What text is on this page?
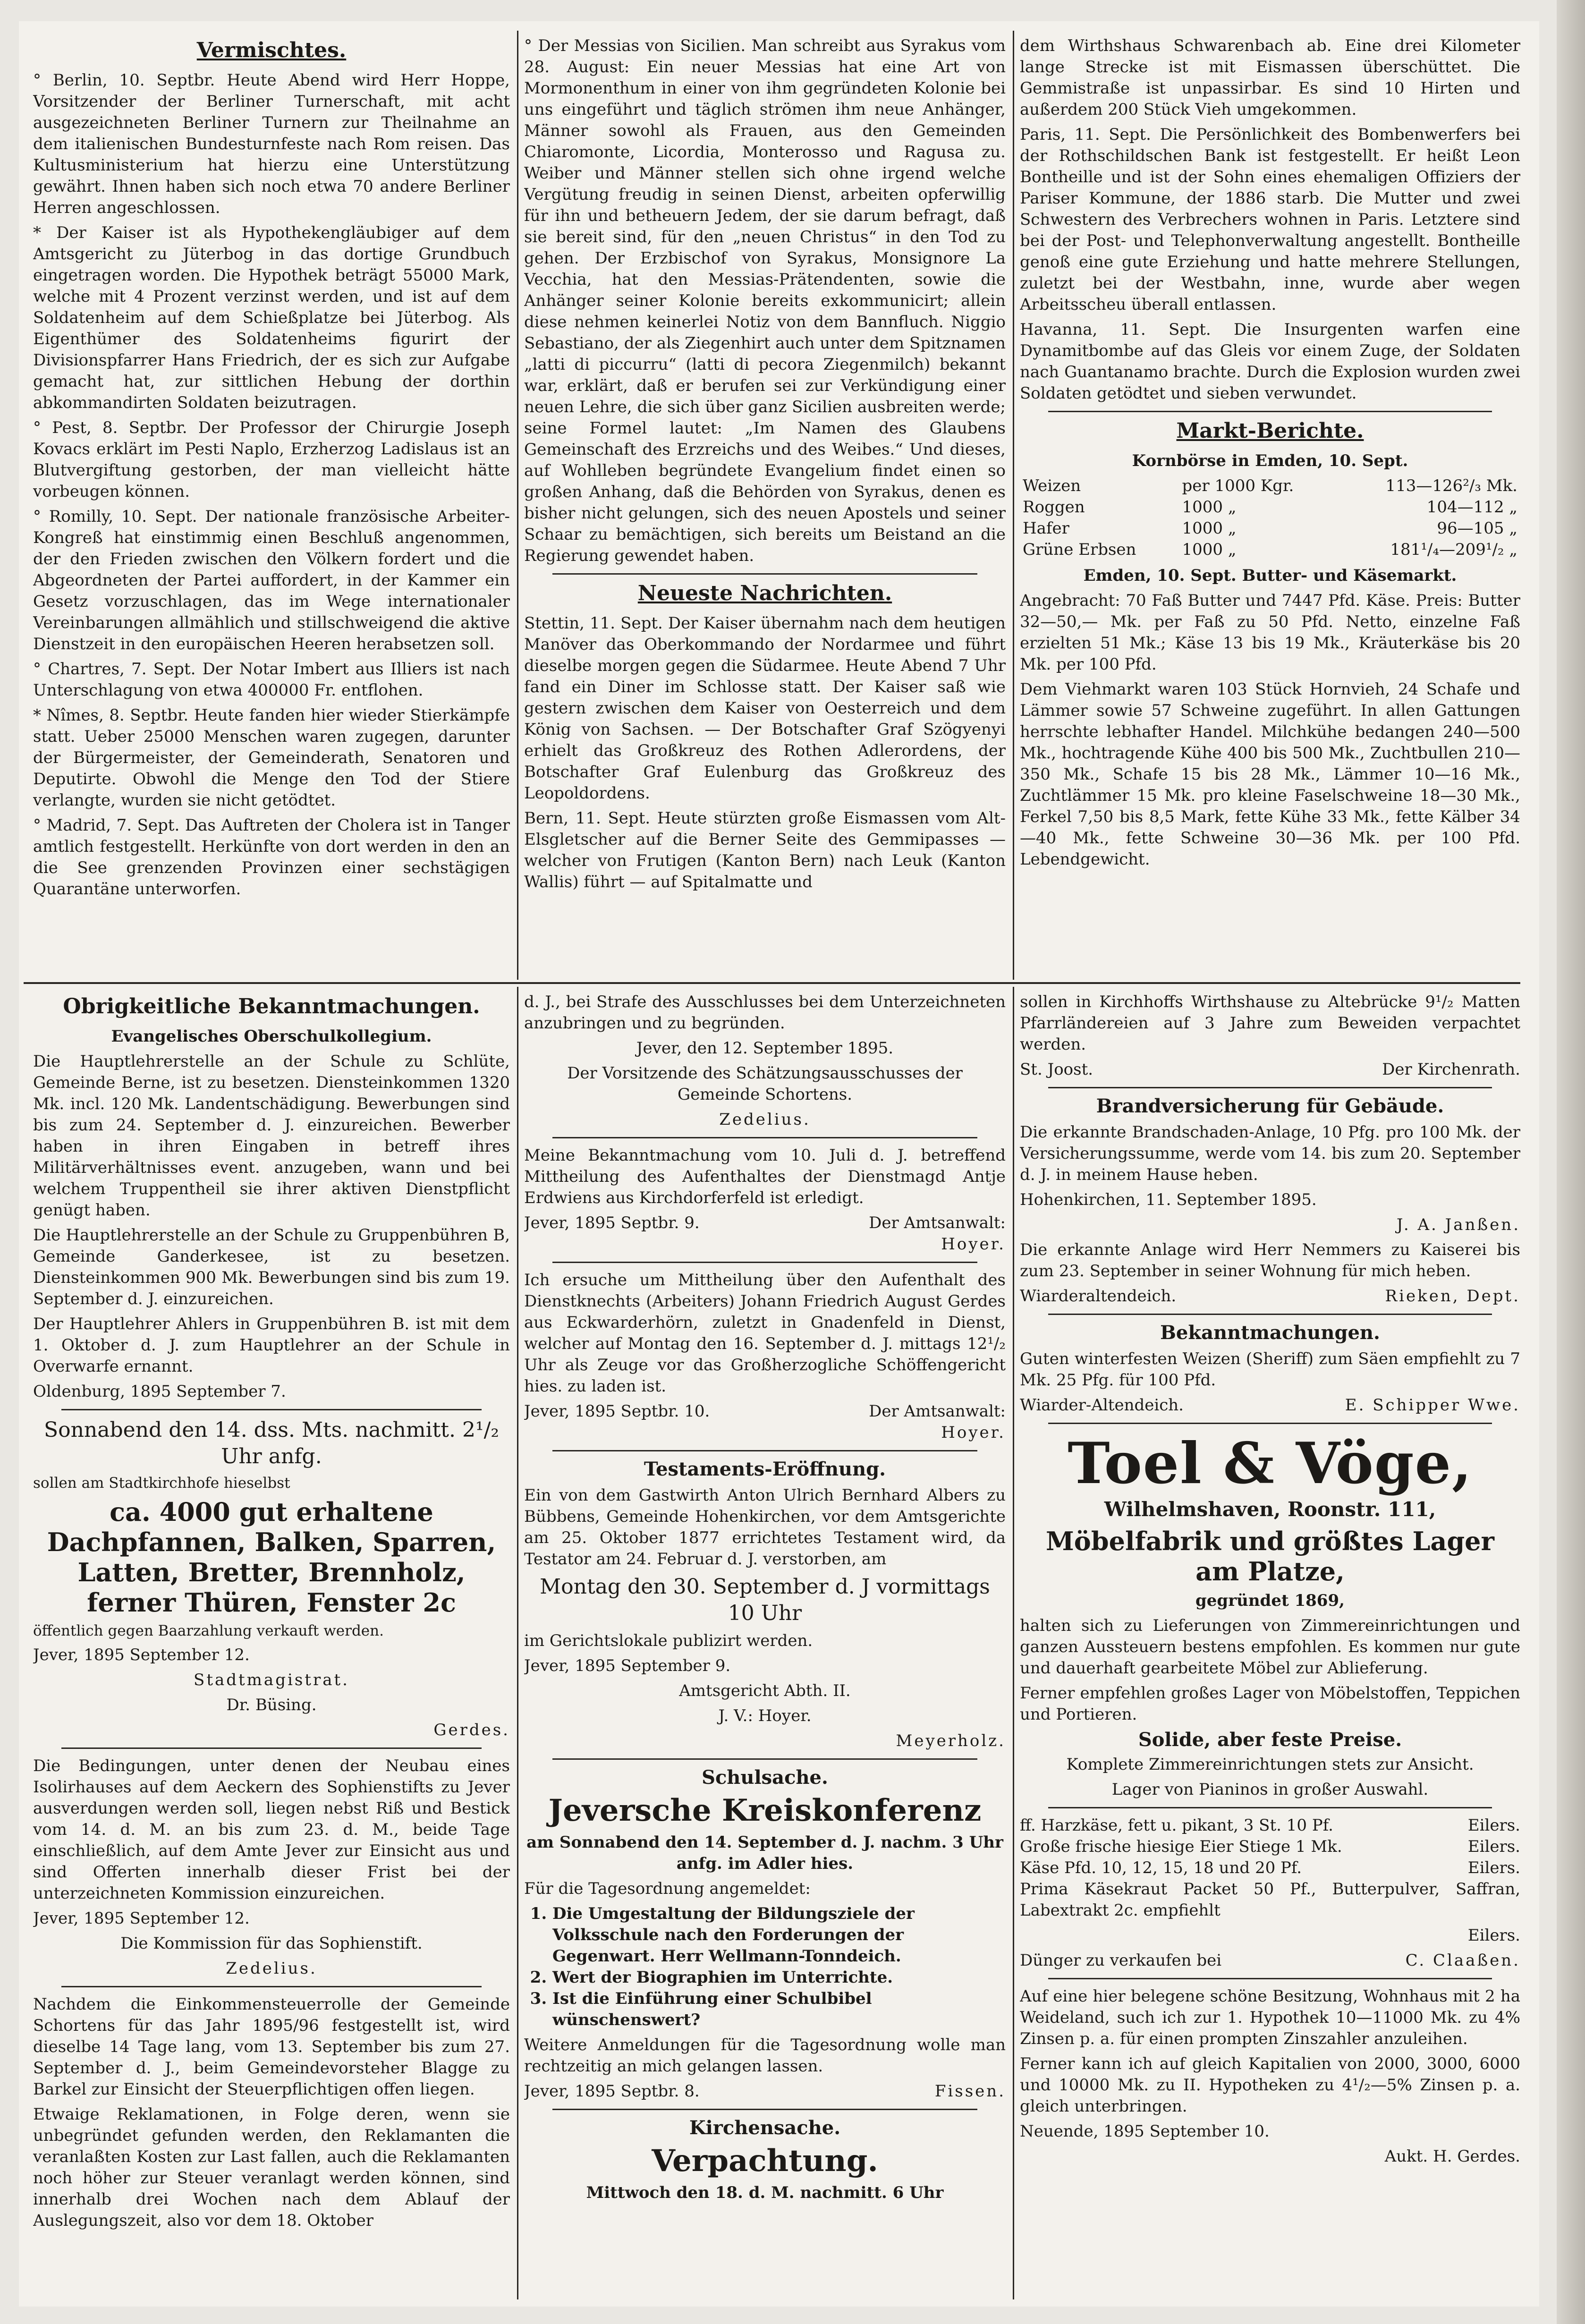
Vermischtes.

° Berlin, 10. Septbr. Heute Abend wird Herr Hoppe, Vorsitzender der Berliner Turnerschaft, mit acht ausgezeichneten Berliner Turnern zur Theilnahme an dem italienischen Bundesturnfeste nach Rom reisen. Das Kultusministerium hat hierzu eine Unterstützung gewährt. Ihnen haben sich noch etwa 70 andere Berliner Herren angeschlossen.

* Der Kaiser ist als Hypothekengläubiger auf dem Amtsgericht zu Jüterbog in das dortige Grundbuch eingetragen worden. Die Hypothek beträgt 55000 Mark, welche mit 4 Prozent verzinst werden, und ist auf dem Soldatenheim auf dem Schießplatze bei Jüterbog. Als Eigenthümer des Soldatenheims figurirt der Divisionspfarrer Hans Friedrich, der es sich zur Aufgabe gemacht hat, zur sittlichen Hebung der dorthin abkommandirten Soldaten beizutragen.

° Pest, 8. Septbr. Der Professor der Chirurgie Joseph Kovacs erklärt im Pesti Naplo, Erzherzog Ladislaus ist an Blutvergiftung gestorben, der man vielleicht hätte vorbeugen können.

° Romilly, 10. Sept. Der nationale französische Arbeiter-Kongreß hat einstimmig einen Beschluß angenommen, der den Frieden zwischen den Völkern fordert und die Abgeordneten der Partei auffordert, in der Kammer ein Gesetz vorzuschlagen, das im Wege internationaler Vereinbarungen allmählich und stillschweigend die aktive Dienstzeit in den europäischen Heeren herabsetzen soll.

° Chartres, 7. Sept. Der Notar Imbert aus Illiers ist nach Unterschlagung von etwa 400000 Fr. entflohen.

* Nîmes, 8. Septbr. Heute fanden hier wieder Stierkämpfe statt. Ueber 25000 Menschen waren zugegen, darunter der Bürgermeister, der Gemeinderath, Senatoren und Deputirte. Obwohl die Menge den Tod der Stiere verlangte, wurden sie nicht getödtet.

° Madrid, 7. Sept. Das Auftreten der Cholera ist in Tanger amtlich festgestellt. Herkünfte von dort werden in den an die See grenzenden Provinzen einer sechstägigen Quarantäne unterworfen.

° Der Messias von Sicilien. Man schreibt aus Syrakus vom 28. August: Ein neuer Messias hat eine Art von Mormonenthum in einer von ihm gegründeten Kolonie bei uns eingeführt und täglich strömen ihm neue Anhänger, Männer sowohl als Frauen, aus den Gemeinden Chiaromonte, Licordia, Monterosso und Ragusa zu. Weiber und Männer stellen sich ohne irgend welche Vergütung freudig in seinen Dienst, arbeiten opferwillig für ihn und betheuern Jedem, der sie darum befragt, daß sie bereit sind, für den „neuen Christus“ in den Tod zu gehen. Der Erzbischof von Syrakus, Monsignore La Vecchia, hat den Messias-Prätendenten, sowie die Anhänger seiner Kolonie bereits exkommunicirt; allein diese nehmen keinerlei Notiz von dem Bannfluch. Niggio Sebastiano, der als Ziegenhirt auch unter dem Spitznamen „latti di piccurru“ (latti di pecora Ziegenmilch) bekannt war, erklärt, daß er berufen sei zur Verkündigung einer neuen Lehre, die sich über ganz Sicilien ausbreiten werde; seine Formel lautet: „Im Namen des Glaubens Gemeinschaft des Erzreichs und des Weibes.“ Und dieses, auf Wohlleben begründete Evangelium findet einen so großen Anhang, daß die Behörden von Syrakus, denen es bisher nicht gelungen, sich des neuen Apostels und seiner Schaar zu bemächtigen, sich bereits um Beistand an die Regierung gewendet haben.

Neueste Nachrichten.

Stettin, 11. Sept. Der Kaiser übernahm nach dem heutigen Manöver das Oberkommando der Nordarmee und führt dieselbe morgen gegen die Südarmee. Heute Abend 7 Uhr fand ein Diner im Schlosse statt. Der Kaiser saß wie gestern zwischen dem Kaiser von Oesterreich und dem König von Sachsen. — Der Botschafter Graf Szögyenyi erhielt das Großkreuz des Rothen Adlerordens, der Botschafter Graf Eulenburg das Großkreuz des Leopoldordens.

Bern, 11. Sept. Heute stürzten große Eismassen vom Alt-Elsgletscher auf die Berner Seite des Gemmipasses — welcher von Frutigen (Kanton Bern) nach Leuk (Kanton Wallis) führt — auf Spitalmatte und

dem Wirthshaus Schwarenbach ab. Eine drei Kilometer lange Strecke ist mit Eismassen überschüttet. Die Gemmistraße ist unpassirbar. Es sind 10 Hirten und außerdem 200 Stück Vieh umgekommen.

Paris, 11. Sept. Die Persönlichkeit des Bombenwerfers bei der Rothschildschen Bank ist festgestellt. Er heißt Leon Bontheille und ist der Sohn eines ehemaligen Offiziers der Pariser Kommune, der 1886 starb. Die Mutter und zwei Schwestern des Verbrechers wohnen in Paris. Letztere sind bei der Post- und Telephonverwaltung angestellt. Bontheille genoß eine gute Erziehung und hatte mehrere Stellungen, zuletzt bei der Westbahn, inne, wurde aber wegen Arbeitsscheu überall entlassen.

Havanna, 11. Sept. Die Insurgenten warfen eine Dynamitbombe auf das Gleis vor einem Zuge, der Soldaten nach Guantanamo brachte. Durch die Explosion wurden zwei Soldaten getödtet und sieben verwundet.

Markt-Berichte.

Kornbörse in Emden, 10. Sept.

Weizen	per 1000 Kgr.	113—126²/₃ Mk.
Roggen	1000 „	104—112 „
Hafer	1000 „	96—105 „
Grüne Erbsen	1000 „	181¹/₄—209¹/₂ „

Emden, 10. Sept. Butter- und Käsemarkt.

Angebracht: 70 Faß Butter und 7447 Pfd. Käse. Preis: Butter 32—50,— Mk. per Faß zu 50 Pfd. Netto, einzelne Faß erzielten 51 Mk.; Käse 13 bis 19 Mk., Kräuterkäse bis 20 Mk. per 100 Pfd.

Dem Viehmarkt waren 103 Stück Hornvieh, 24 Schafe und Lämmer sowie 57 Schweine zugeführt. In allen Gattungen herrschte lebhafter Handel. Milchkühe bedangen 240—500 Mk., hochtragende Kühe 400 bis 500 Mk., Zuchtbullen 210—350 Mk., Schafe 15 bis 28 Mk., Lämmer 10—16 Mk., Zuchtlämmer 15 Mk. pro kleine Faselschweine 18—30 Mk., Ferkel 7,50 bis 8,5 Mark, fette Kühe 33 Mk., fette Kälber 34—40 Mk., fette Schweine 30—36 Mk. per 100 Pfd. Lebendgewicht.

Obrigkeitliche Bekanntmachungen.

Evangelisches Oberschulkollegium.

Die Hauptlehrerstelle an der Schule zu Schlüte, Gemeinde Berne, ist zu besetzen. Diensteinkommen 1320 Mk. incl. 120 Mk. Landentschädigung. Bewerbungen sind bis zum 24. September d. J. einzureichen. Bewerber haben in ihren Eingaben in betreff ihres Militärverhältnisses event. anzugeben, wann und bei welchem Truppentheil sie ihrer aktiven Dienstpflicht genügt haben.

Die Hauptlehrerstelle an der Schule zu Gruppenbühren B, Gemeinde Ganderkesee, ist zu besetzen. Diensteinkommen 900 Mk. Bewerbungen sind bis zum 19. September d. J. einzureichen.

Der Hauptlehrer Ahlers in Gruppenbühren B. ist mit dem 1. Oktober d. J. zum Hauptlehrer an der Schule in Overwarfe ernannt.

Oldenburg, 1895 September 7.

Sonnabend den 14. dss. Mts. nachmitt. 2¹/₂ Uhr anfg.

sollen am Stadtkirchhofe hieselbst

ca. 4000 gut erhaltene Dachpfannen, Balken, Sparren, Latten, Bretter, Brennholz, ferner Thüren, Fenster 2c

öffentlich gegen Baarzahlung verkauft werden.

Jever, 1895 September 12.

Stadtmagistrat.

Dr. Büsing.

Gerdes.

Die Bedingungen, unter denen der Neubau eines Isolirhauses auf dem Aeckern des Sophienstifts zu Jever ausverdungen werden soll, liegen nebst Riß und Bestick vom 14. d. M. an bis zum 23. d. M., beide Tage einschließlich, auf dem Amte Jever zur Einsicht aus und sind Offerten innerhalb dieser Frist bei der unterzeichneten Kommission einzureichen.

Jever, 1895 September 12.

Die Kommission für das Sophienstift.

Zedelius.

Nachdem die Einkommensteuerrolle der Gemeinde Schortens für das Jahr 1895/96 festgestellt ist, wird dieselbe 14 Tage lang, vom 13. September bis zum 27. September d. J., beim Gemeindevorsteher Blagge zu Barkel zur Einsicht der Steuerpflichtigen offen liegen.

Etwaige Reklamationen, in Folge deren, wenn sie unbegründet gefunden werden, den Reklamanten die veranlaßten Kosten zur Last fallen, auch die Reklamanten noch höher zur Steuer veranlagt werden können, sind innerhalb drei Wochen nach dem Ablauf der Auslegungszeit, also vor dem 18. Oktober

d. J., bei Strafe des Ausschlusses bei dem Unterzeichneten anzubringen und zu begründen.

Jever, den 12. September 1895.

Der Vorsitzende des Schätzungsausschusses der Gemeinde Schortens.

Zedelius.

Meine Bekanntmachung vom 10. Juli d. J. betreffend Mittheilung des Aufenthaltes der Dienstmagd Antje Erdwiens aus Kirchdorferfeld ist erledigt.

Jever, 1895 Septbr. 9.	Der Amtsanwalt:

Hoyer.

Ich ersuche um Mittheilung über den Aufenthalt des Dienstknechts (Arbeiters) Johann Friedrich August Gerdes aus Eckwarderhörn, zuletzt in Gnadenfeld in Dienst, welcher auf Montag den 16. September d. J. mittags 12¹/₂ Uhr als Zeuge vor das Großherzogliche Schöffengericht hies. zu laden ist.

Jever, 1895 Septbr. 10.	Der Amtsanwalt:

Hoyer.

Testaments-Eröffnung.

Ein von dem Gastwirth Anton Ulrich Bernhard Albers zu Bübbens, Gemeinde Hohenkirchen, vor dem Amtsgerichte am 25. Oktober 1877 errichtetes Testament wird, da Testator am 24. Februar d. J. verstorben, am

Montag den 30. September d. J vormittags 10 Uhr

im Gerichtslokale publizirt werden.

Jever, 1895 September 9.

Amtsgericht Abth. II.

J. V.: Hoyer.

Meyerholz.

Schulsache.

Jeversche Kreiskonferenz

am Sonnabend den 14. September d. J. nachm. 3 Uhr anfg. im Adler hies.

Für die Tagesordnung angemeldet:

1. Die Umgestaltung der Bildungsziele der Volksschule nach den Forderungen der Gegenwart. Herr Wellmann-Tonndeich.
2. Wert der Biographien im Unterrichte.
3. Ist die Einführung einer Schulbibel wünschenswert?

Weitere Anmeldungen für die Tagesordnung wolle man rechtzeitig an mich gelangen lassen.

Jever, 1895 Septbr. 8.	Fissen.
Kirchensache.

Verpachtung.

Mittwoch den 18. d. M. nachmitt. 6 Uhr

sollen in Kirchhoffs Wirthshause zu Altebrücke 9¹/₂ Matten Pfarrländereien auf 3 Jahre zum Beweiden verpachtet werden.

St. Joost.	Der Kirchenrath.
Brandversicherung für Gebäude.

Die erkannte Brandschaden-Anlage, 10 Pfg. pro 100 Mk. der Versicherungssumme, werde vom 14. bis zum 20. September d. J. in meinem Hause heben.

Hohenkirchen, 11. September 1895.

J. A. Janßen.

Die erkannte Anlage wird Herr Nemmers zu Kaiserei bis zum 23. September in seiner Wohnung für mich heben.

Wiarderaltendeich.	Rieken, Dept.
Bekanntmachungen.

Guten winterfesten Weizen (Sheriff) zum Säen empfiehlt zu 7 Mk. 25 Pfg. für 100 Pfd.

Wiarder-Altendeich.	E. Schipper Wwe.
Toel & Vöge,

Wilhelmshaven, Roonstr. 111,

Möbelfabrik und größtes Lager am Platze,

gegründet 1869,

halten sich zu Lieferungen von Zimmereinrichtungen und ganzen Aussteuern bestens empfohlen. Es kommen nur gute und dauerhaft gearbeitete Möbel zur Ablieferung.

Ferner empfehlen großes Lager von Möbelstoffen, Teppichen und Portieren.

Solide, aber feste Preise.

Komplete Zimmereinrichtungen stets zur Ansicht.

Lager von Pianinos in großer Auswahl.

ff. Harzkäse, fett u. pikant, 3 St. 10 Pf.	Eilers.
Große frische hiesige Eier Stiege 1 Mk.	Eilers.
Käse Pfd. 10, 12, 15, 18 und 20 Pf.	Eilers.

Prima Käsekraut Packet 50 Pf., Butterpulver, Saffran, Labextrakt 2c. empfiehlt

Eilers.

Dünger zu verkaufen bei	C. Claaßen.

Auf eine hier belegene schöne Besitzung, Wohnhaus mit 2 ha Weideland, such ich zur 1. Hypothek 10—11000 Mk. zu 4% Zinsen p. a. für einen prompten Zinszahler anzuleihen.

Ferner kann ich auf gleich Kapitalien von 2000, 3000, 6000 und 10000 Mk. zu II. Hypotheken zu 4¹/₂—5% Zinsen p. a. gleich unterbringen.

Neuende, 1895 September 10.

Aukt. H. Gerdes.
